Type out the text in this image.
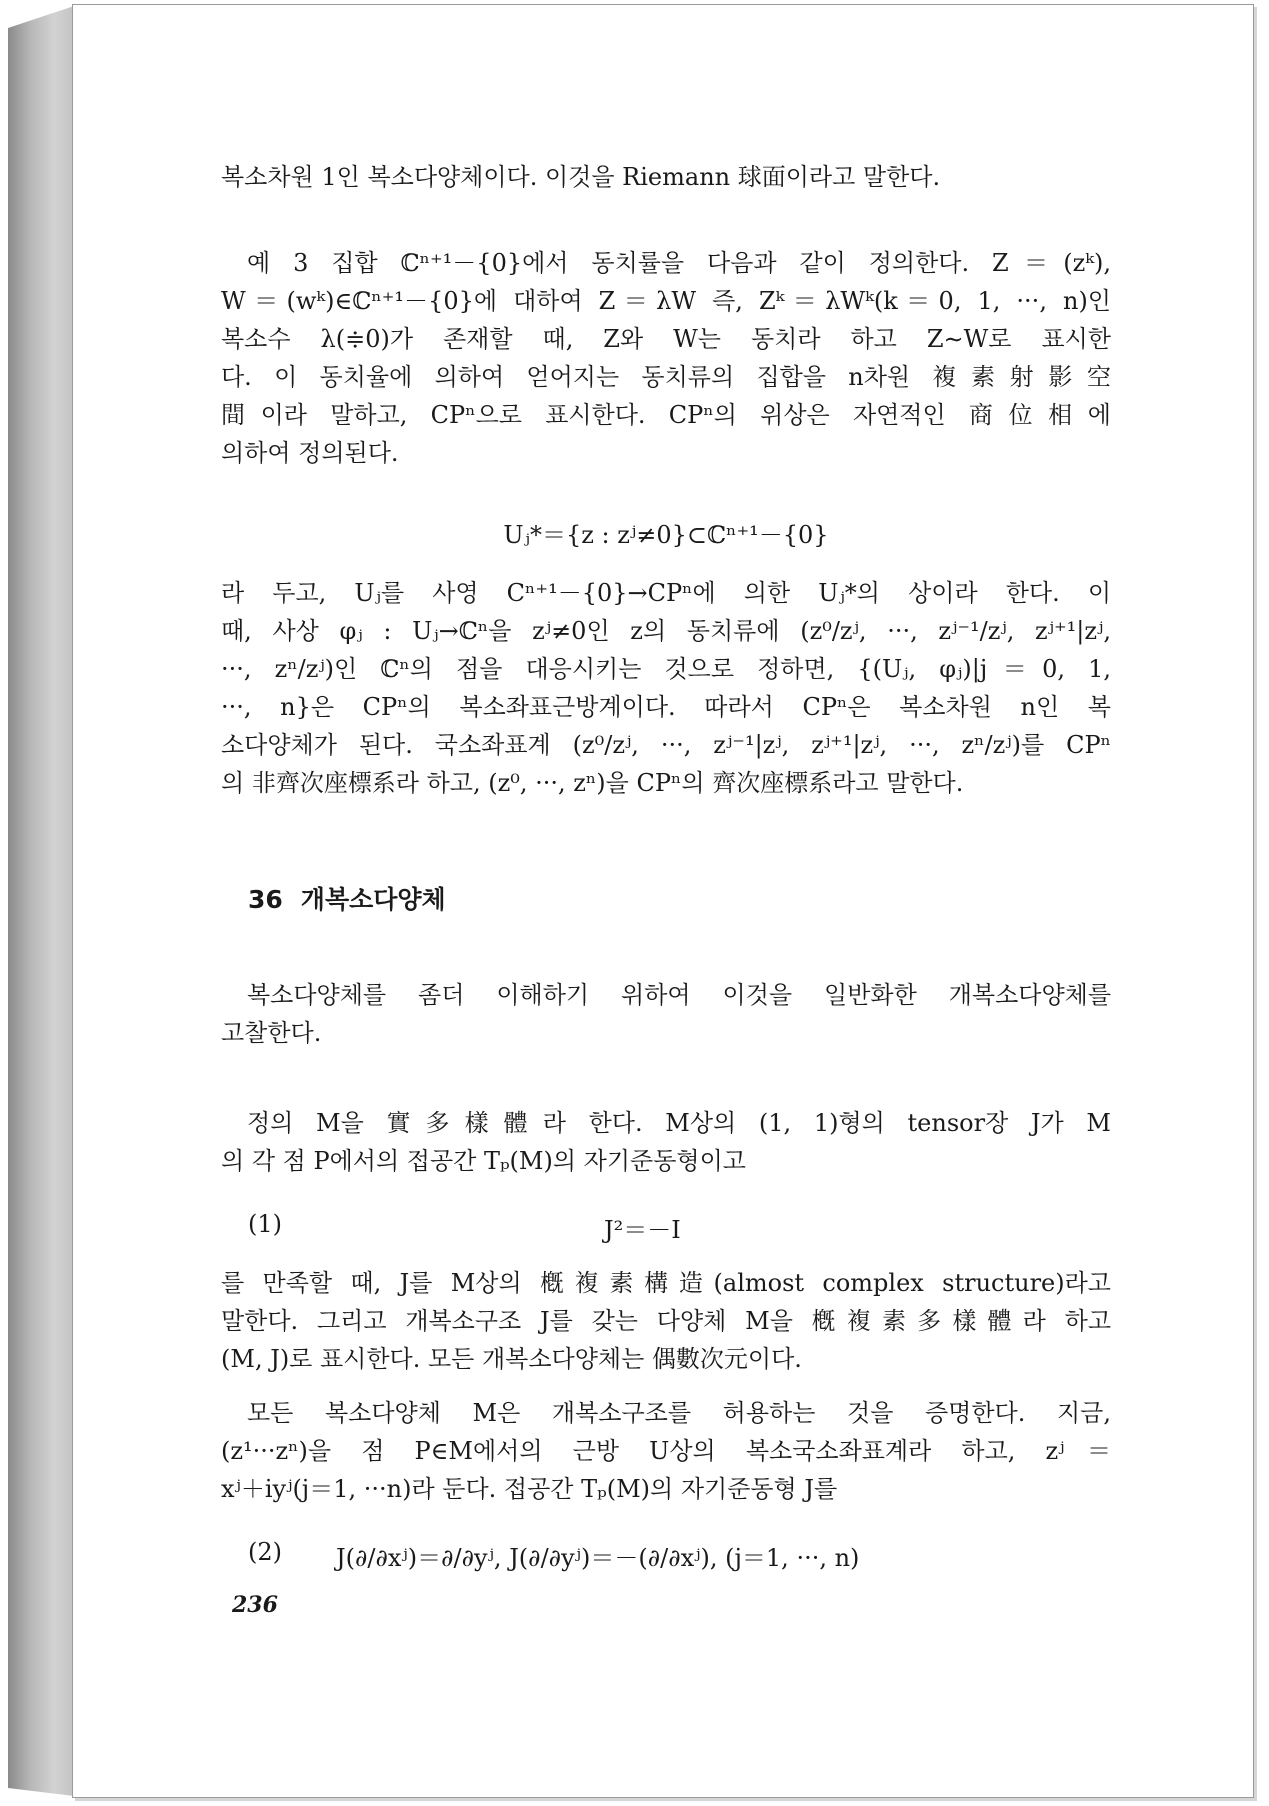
복소차원 1인 복소다양체이다. 이것을 Riemann 球面이라고 말한다.
예 3 집합 ℂⁿ⁺¹－{0}에서 동치률을 다음과 같이 정의한다. Z＝(zᵏ),
W＝(wᵏ)∈ℂⁿ⁺¹－{0}에 대하여 Z＝λW 즉, Zᵏ＝λWᵏ(k＝0, 1, ···, n)인
복소수 λ(≑0)가 존재할 때, Z와 W는 동치라 하고 Z∼W로 표시한
다. 이 동치율에 의하여 얻어지는 동치류의 집합을 n차원 複素射影空
間이라 말하고, CPⁿ으로 표시한다. CPⁿ의 위상은 자연적인 商位相에
의하여 정의된다.
Uⱼ*＝{z : zʲ≠0}⊂ℂⁿ⁺¹－{0}
라 두고, Uⱼ를 사영 Cⁿ⁺¹－{0}→CPⁿ에 의한 Uⱼ*의 상이라 한다. 이
때, 사상 φⱼ : Uⱼ→ℂⁿ을 zʲ≠0인 z의 동치류에 (z⁰/zʲ, ···, zʲ⁻¹/zʲ, zʲ⁺¹|zʲ,
···, zⁿ/zʲ)인 ℂⁿ의 점을 대응시키는 것으로 정하면, {(Uⱼ, φⱼ)|j＝0, 1,
···, n}은 CPⁿ의 복소좌표근방계이다. 따라서 CPⁿ은 복소차원 n인 복
소다양체가 된다. 국소좌표계 (z⁰/zʲ, ···, zʲ⁻¹|zʲ, zʲ⁺¹|zʲ, ···, zⁿ/zʲ)를 CPⁿ
의 非齊次座標系라 하고, (z⁰, ···, zⁿ)을 CPⁿ의 齊次座標系라고 말한다.
36 개복소다양체
복소다양체를 좀더 이해하기 위하여 이것을 일반화한 개복소다양체를
고찰한다.
정의 M을 實多樣體라 한다. M상의 (1, 1)형의 tensor장 J가 M
의 각 점 P에서의 접공간 Tₚ(M)의 자기준동형이고
(1)	J²＝－I
를 만족할 때, J를 M상의 槪複素構造(almost complex structure)라고
말한다. 그리고 개복소구조 J를 갖는 다양체 M을 槪複素多樣體라 하고
(M, J)로 표시한다. 모든 개복소다양체는 偶數次元이다.
모든 복소다양체 M은 개복소구조를 허용하는 것을 증명한다. 지금,
(z¹···zⁿ)을 점 P∈M에서의 근방 U상의 복소국소좌표계라 하고, zʲ＝
xʲ＋iyʲ(j＝1, ···n)라 둔다. 접공간 Tₚ(M)의 자기준동형 J를
(2) J(∂/∂xʲ)＝∂/∂yʲ, J(∂/∂yʲ)＝－(∂/∂xʲ), (j＝1, ···, n)
236
